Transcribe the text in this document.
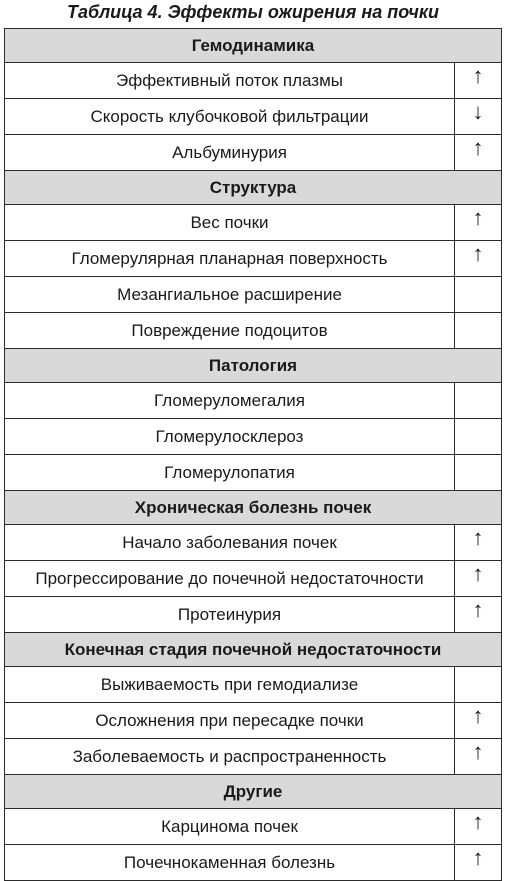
Таблица 4. Эффекты ожирения на почки
Гемодинамика	
Эффективный поток плазмы	↑
Скорость клубочковой фильтрации	↓
Альбуминурия	↑
Структура	
Вес почки	↑
Гломерулярная планарная поверхность	↑
Мезангиальное расширение	
Повреждение подоцитов	
Патология	
Гломеруломегалия	
Гломерулосклероз	
Гломерулопатия	
Хроническая болезнь почек	
Начало заболевания почек	↑
Прогрессирование до почечной недостаточности	↑
Протеинурия	↑
Конечная стадия почечной недостаточности	
Выживаемость при гемодиализе	
Осложнения при пересадке почки	↑
Заболеваемость и распространенность	↑
Другие	
Карцинома почек	↑
Почечнокаменная болезнь	↑
